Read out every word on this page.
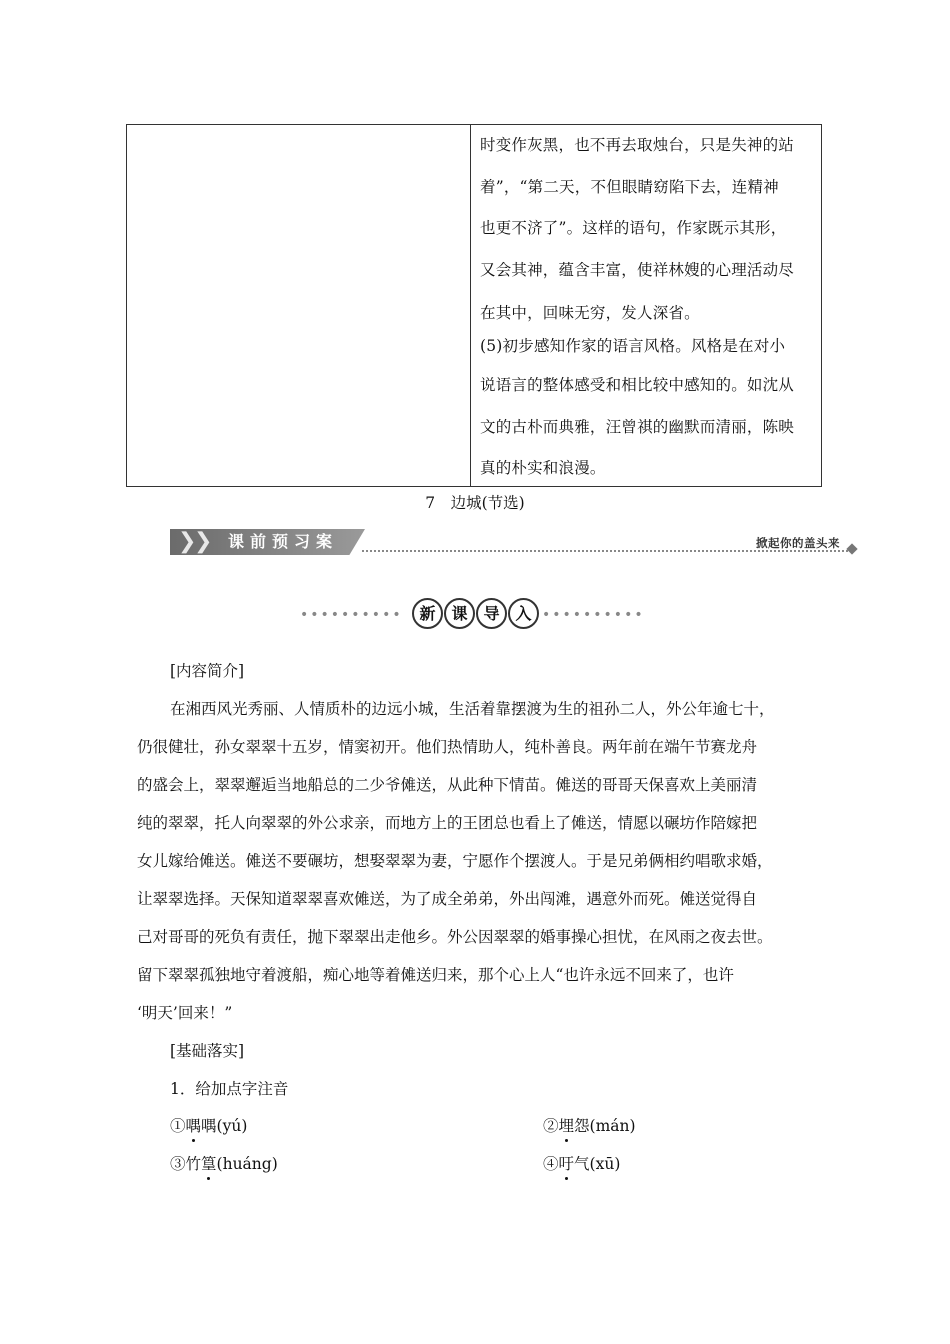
时变作灰黑，也不再去取烛台，只是失神的站
着”，“第二天，不但眼睛窈陷下去，连精神
也更不济了”。这样的语句，作家既示其形，
又会其神，蕴含丰富，使祥林嫂的心理活动尽
在其中，回味无穷，发人深省。
(5)初步感知作家的语言风格。风格是在对小
说语言的整体感受和相比较中感知的。如沈从
文的古朴而典雅，汪曾祺的幽默而清丽，陈映
真的朴实和浪漫。
7　边城(节选)
❯
❯ 课前预习案	掀起你的盖头来
••••••••••	新 课 导 入 ••••••••••
[内容简介]
在湘西风光秀丽、人情质朴的边远小城，生活着靠摆渡为生的祖孙二人，外公年逾七十，
仍很健壮，孙女翠翠十五岁，情窦初开。他们热情助人，纯朴善良。两年前在端午节赛龙舟
的盛会上，翠翠邂逅当地船总的二少爷傩送，从此种下情苗。傩送的哥哥天保喜欢上美丽清
纯的翠翠，托人向翠翠的外公求亲，而地方上的王团总也看上了傩送，情愿以碾坊作陪嫁把
女儿嫁给傩送。傩送不要碾坊，想娶翠翠为妻，宁愿作个摆渡人。于是兄弟俩相约唱歌求婚，
让翠翠选择。天保知道翠翠喜欢傩送，为了成全弟弟，外出闯滩，遇意外而死。傩送觉得自
己对哥哥的死负有责任，抛下翠翠出走他乡。外公因翠翠的婚事操心担忧，在风雨之夜去世。
留下翠翠孤独地守着渡船，痴心地等着傩送归来，那个心上人“也许永远不回来了，也许
‘明天’回来！”
[基础落实]
1．给加点字注音
①喁喁(yú)	②埋怨(mán)
③竹篁(huáng)	④吁气(xū)
